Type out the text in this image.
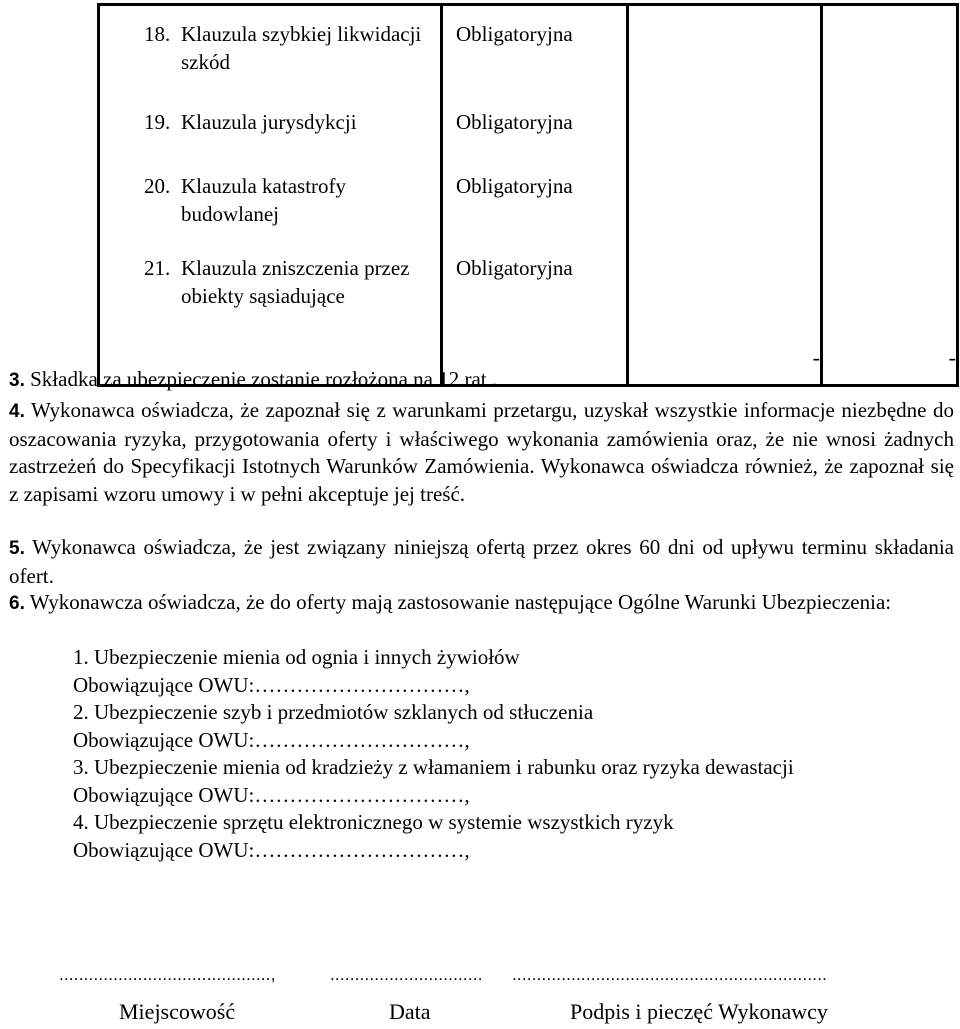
18. Klauzula szybkiej likwidacji szkód	Obligatoryjna		

19. Klauzula jurysdykcji	Obligatoryjna		

20. Klauzula katastrofy budowlanej	Obligatoryjna		

21. Klauzula zniszczenia przez obiekty sąsiadujące	Obligatoryjna		

		-	-

3. Składka za ubezpieczenie zostanie rozłożona na 12 rat .

4. Wykonawca oświadcza, że zapoznał się z warunkami przetargu, uzyskał wszystkie informacje niezbędne do oszacowania ryzyka, przygotowania oferty i właściwego wykonania zamówienia oraz, że nie wnosi żadnych zastrzeżeń do Specyfikacji Istotnych Warunków Zamówienia. Wykonawca oświadcza również, że zapoznał się z zapisami wzoru umowy i w pełni akceptuje jej treść.

5. Wykonawca oświadcza, że jest związany niniejszą ofertą przez okres 60 dni od upływu terminu składania ofert.

6. Wykonawcza oświadcza, że do oferty mają zastosowanie następujące Ogólne Warunki Ubezpieczenia:

1. Ubezpieczenie mienia od ognia i innych żywiołów
Obowiązujące OWU:…………………………,
2. Ubezpieczenie szyb i przedmiotów szklanych od stłuczenia
Obowiązujące OWU:…………………………,
3. Ubezpieczenie mienia od kradzieży z włamaniem i rabunku oraz ryzyka dewastacji
Obowiązujące OWU:…………………………,
4. Ubezpieczenie sprzętu elektronicznego w systemie wszystkich ryzyk
Obowiązujące OWU:…………………………,
...........................................,	............................... ................................................................
Miejscowość	Data	Podpis i pieczęć Wykonawcy
